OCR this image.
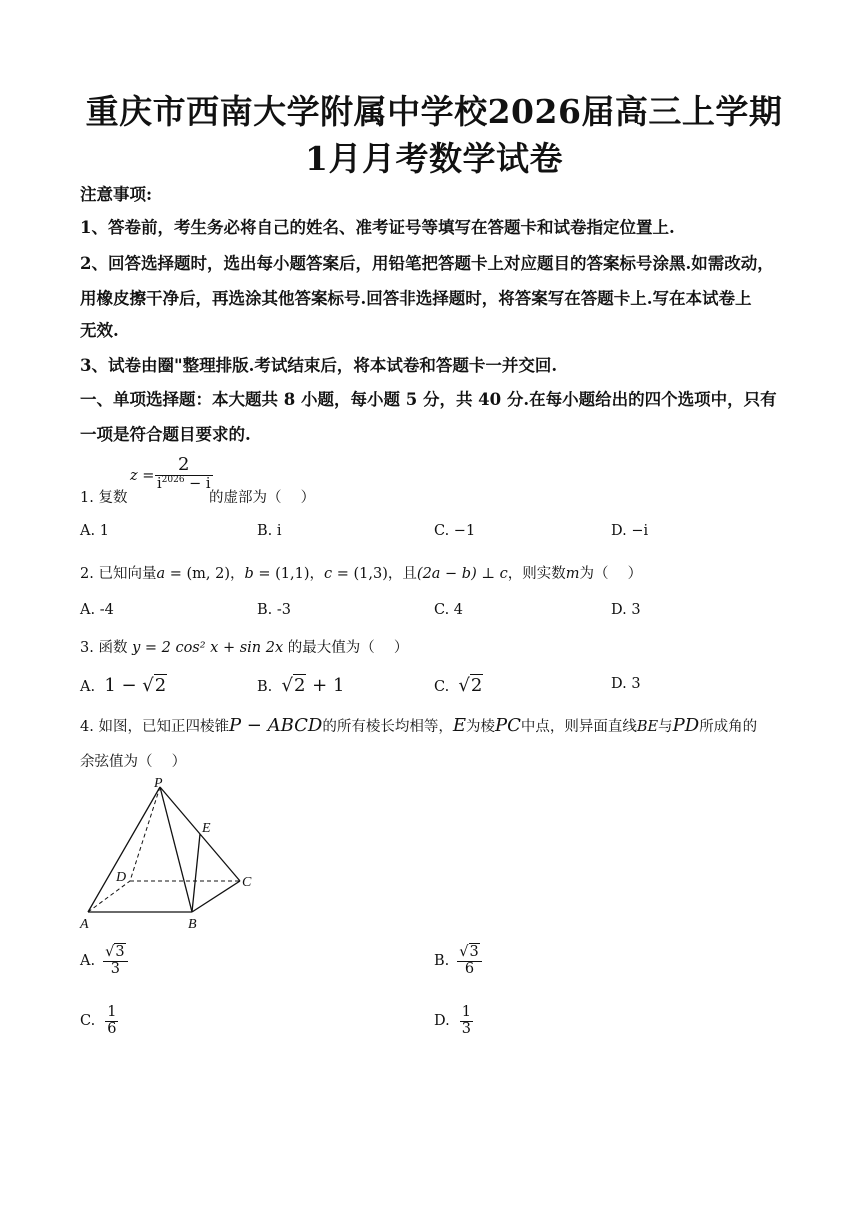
重庆市西南大学附属中学校2026届高三上学期
1月月考数学试卷
注意事项:
1、答卷前，考生务必将自己的姓名、准考证号等填写在答题卡和试卷指定位置上.
2、回答选择题时，选出每小题答案后，用铅笔把答题卡上对应题目的答案标号涂黑.如需改动，
用橡皮擦干净后，再选涂其他答案标号.回答非选择题时，将答案写在答题卡上.写在本试卷上
无效.
3、试卷由圈"整理排版.考试结束后，将本试卷和答题卡一并交回.
一、单项选择题：本大题共 8 小题，每小题 5 分，共 40 分.在每小题给出的四个选项中，只有
一项是符合题目要求的.
1. 复数
$z = \frac{2}{i^{2026} - i}$
的虚部为（　 ）
A. 1	B. i	C. −1	D. −i
2. 已知向量a = (m, 2)，b = (1,1)，c = (1,3)，且(2a − b) ⊥ c，则实数m为（　 ）
A. -4	B. -3	C. 4	D. 3
3. 函数 y = 2 cos² x + sin 2x 的最大值为（　 ）
A. 1 − √2	B. √2 + 1	C. √2	D. 3
4. 如图，已知正四棱锥P − ABCD的所有棱长均相等，E为棱PC中点，则异面直线BE与PD所成角的
余弦值为（　 ）
P
E
D	C
A	B
A. $\frac{√3}{3}$	B. $\frac{√3}{6}$
C. $\frac{1}{6}$	D. $\frac{1}{3}$
